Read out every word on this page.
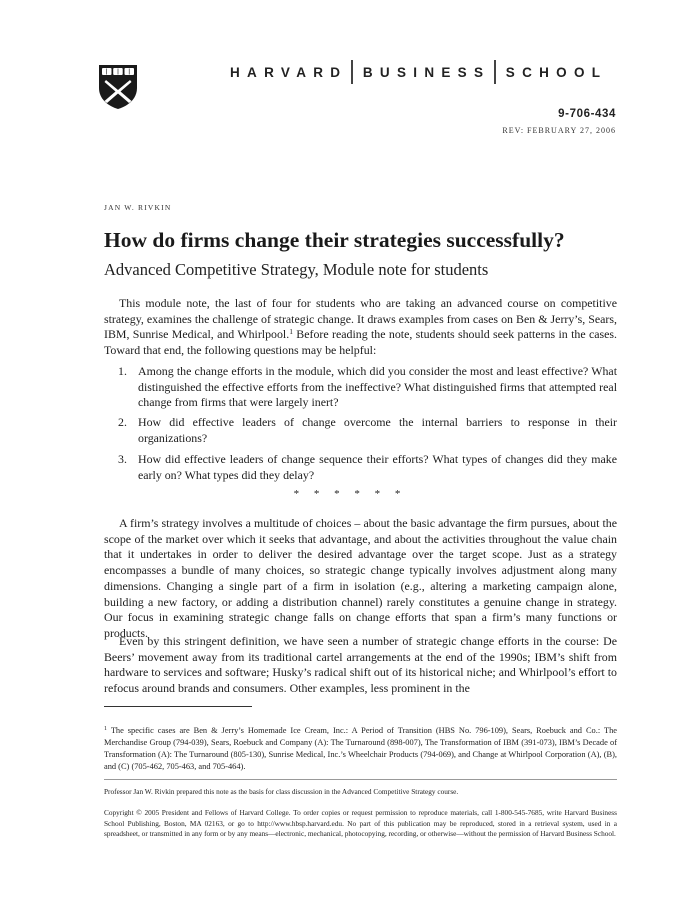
HARVARD BUSINESS SCHOOL
9-706-434
REV: FEBRUARY 27, 2006
JAN W. RIVKIN
How do firms change their strategies successfully?
Advanced Competitive Strategy, Module note for students
This module note, the last of four for students who are taking an advanced course on competitive strategy, examines the challenge of strategic change. It draws examples from cases on Ben & Jerry’s, Sears, IBM, Sunrise Medical, and Whirlpool.$^1$ Before reading the note, students should seek patterns in the cases. Toward that end, the following questions may be helpful:
1. Among the change efforts in the module, which did you consider the most and least effective? What distinguished the effective efforts from the ineffective? What distinguished firms that attempted real change from firms that were largely inert?
2. How did effective leaders of change overcome the internal barriers to response in their organizations?
3. How did effective leaders of change sequence their efforts? What types of changes did they make early on? What types did they delay?
* * * * * *
A firm’s strategy involves a multitude of choices – about the basic advantage the firm pursues, about the scope of the market over which it seeks that advantage, and about the activities throughout the value chain that it undertakes in order to deliver the desired advantage over the target scope. Just as a strategy encompasses a bundle of many choices, so strategic change typically involves adjustment along many dimensions. Changing a single part of a firm in isolation (e.g., altering a marketing campaign alone, building a new factory, or adding a distribution channel) rarely constitutes a genuine change in strategy. Our focus in examining strategic change falls on change efforts that span a firm’s many functions or products.
Even by this stringent definition, we have seen a number of strategic change efforts in the course: De Beers’ movement away from its traditional cartel arrangements at the end of the 1990s; IBM’s shift from hardware to services and software; Husky’s radical shift out of its historical niche; and Whirlpool’s effort to refocus around brands and consumers. Other examples, less prominent in the
$^1$ The specific cases are Ben & Jerry’s Homemade Ice Cream, Inc.: A Period of Transition (HBS No. 796-109), Sears, Roebuck and Co.: The Merchandise Group (794-039), Sears, Roebuck and Company (A): The Turnaround (898-007), The Transformation of IBM (391-073), IBM’s Decade of Transformation (A): The Turnaround (805-130), Sunrise Medical, Inc.’s Wheelchair Products (794-069), and Change at Whirlpool Corporation (A), (B), and (C) (705-462, 705-463, and 705-464).
Professor Jan W. Rivkin prepared this note as the basis for class discussion in the Advanced Competitive Strategy course.
Copyright © 2005 President and Fellows of Harvard College. To order copies or request permission to reproduce materials, call 1-800-545-7685, write Harvard Business School Publishing, Boston, MA 02163, or go to http://www.hbsp.harvard.edu. No part of this publication may be reproduced, stored in a retrieval system, used in a spreadsheet, or transmitted in any form or by any means—electronic, mechanical, photocopying, recording, or otherwise—without the permission of Harvard Business School.
